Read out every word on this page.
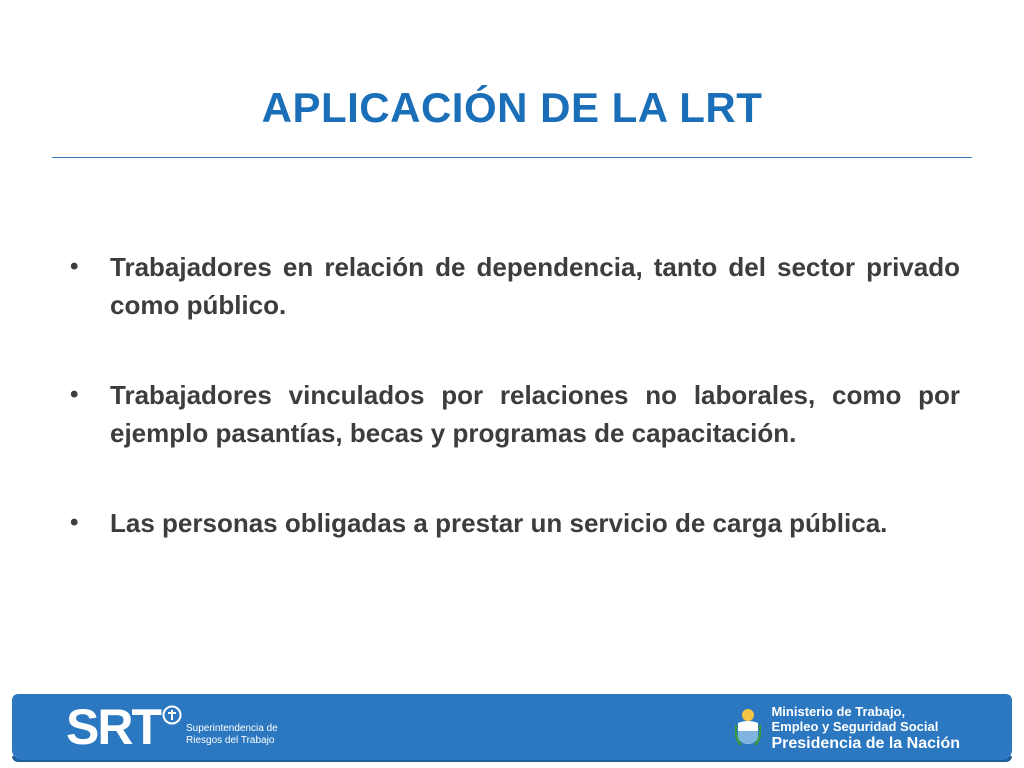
APLICACIÓN DE LA LRT
• Trabajadores en relación de dependencia, tanto del sector privado como público.
• Trabajadores vinculados por relaciones no laborales, como por ejemplo pasantías, becas y programas de capacitación.
• Las personas obligadas a prestar un servicio de carga pública.
SRT	Superintendencia de
Riesgos del Trabajo
Ministerio de Trabajo,
Empleo y Seguridad Social
Presidencia de la Nación
